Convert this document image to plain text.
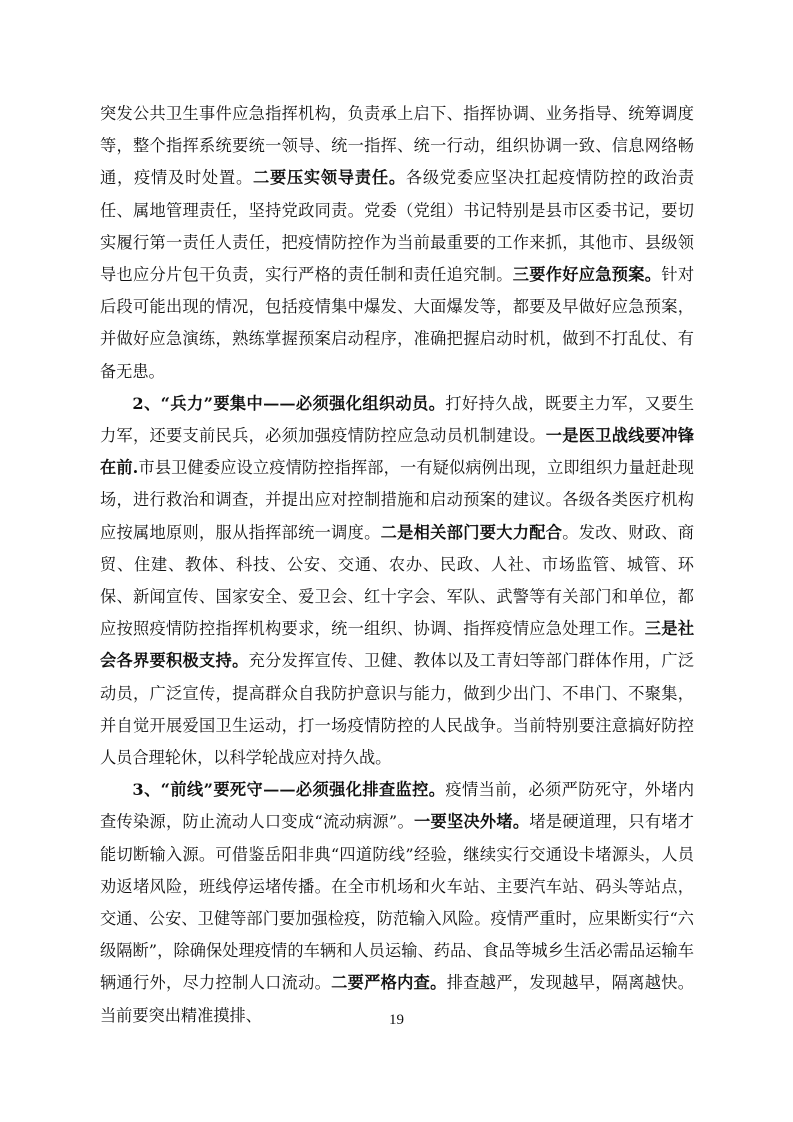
突发公共卫生事件应急指挥机构，负责承上启下、指挥协调、业务指导、统筹调度等，整个指挥系统要统一领导、统一指挥、统一行动，组织协调一致、信息网络畅通，疫情及时处置。二要压实领导责任。各级党委应坚决扛起疫情防控的政治责任、属地管理责任，坚持党政同责。党委（党组）书记特别是县市区委书记，要切实履行第一责任人责任，把疫情防控作为当前最重要的工作来抓，其他市、县级领导也应分片包干负责，实行严格的责任制和责任追究制。三要作好应急预案。针对后段可能出现的情况，包括疫情集中爆发、大面爆发等，都要及早做好应急预案，并做好应急演练，熟练掌握预案启动程序，准确把握启动时机，做到不打乱仗、有备无患。

2、“兵力”要集中——必须强化组织动员。打好持久战，既要主力军，又要生力军，还要支前民兵，必须加强疫情防控应急动员机制建设。一是医卫战线要冲锋在前.市县卫健委应设立疫情防控指挥部，一有疑似病例出现，立即组织力量赶赴现场，进行救治和调查，并提出应对控制措施和启动预案的建议。各级各类医疗机构应按属地原则，服从指挥部统一调度。二是相关部门要大力配合。发改、财政、商贸、住建、教体、科技、公安、交通、农办、民政、人社、市场监管、城管、环保、新闻宣传、国家安全、爱卫会、红十字会、军队、武警等有关部门和单位，都应按照疫情防控指挥机构要求，统一组织、协调、指挥疫情应急处理工作。三是社会各界要积极支持。充分发挥宣传、卫健、教体以及工青妇等部门群体作用，广泛动员，广泛宣传，提高群众自我防护意识与能力，做到少出门、不串门、不聚集，并自觉开展爱国卫生运动，打一场疫情防控的人民战争。当前特别要注意搞好防控人员合理轮休，以科学轮战应对持久战。

3、“前线”要死守——必须强化排查监控。疫情当前，必须严防死守，外堵内查传染源，防止流动人口变成“流动病源”。一要坚决外堵。堵是硬道理，只有堵才能切断输入源。可借鉴岳阳非典“四道防线”经验，继续实行交通设卡堵源头，人员劝返堵风险，班线停运堵传播。在全市机场和火车站、主要汽车站、码头等站点，交通、公安、卫健等部门要加强检疫，防范输入风险。疫情严重时，应果断实行“六级隔断”，除确保处理疫情的车辆和人员运输、药品、食品等城乡生活必需品运输车辆通行外，尽力控制人口流动。二要严格内查。排查越严，发现越早，隔离越快。当前要突出精准摸排、	19
